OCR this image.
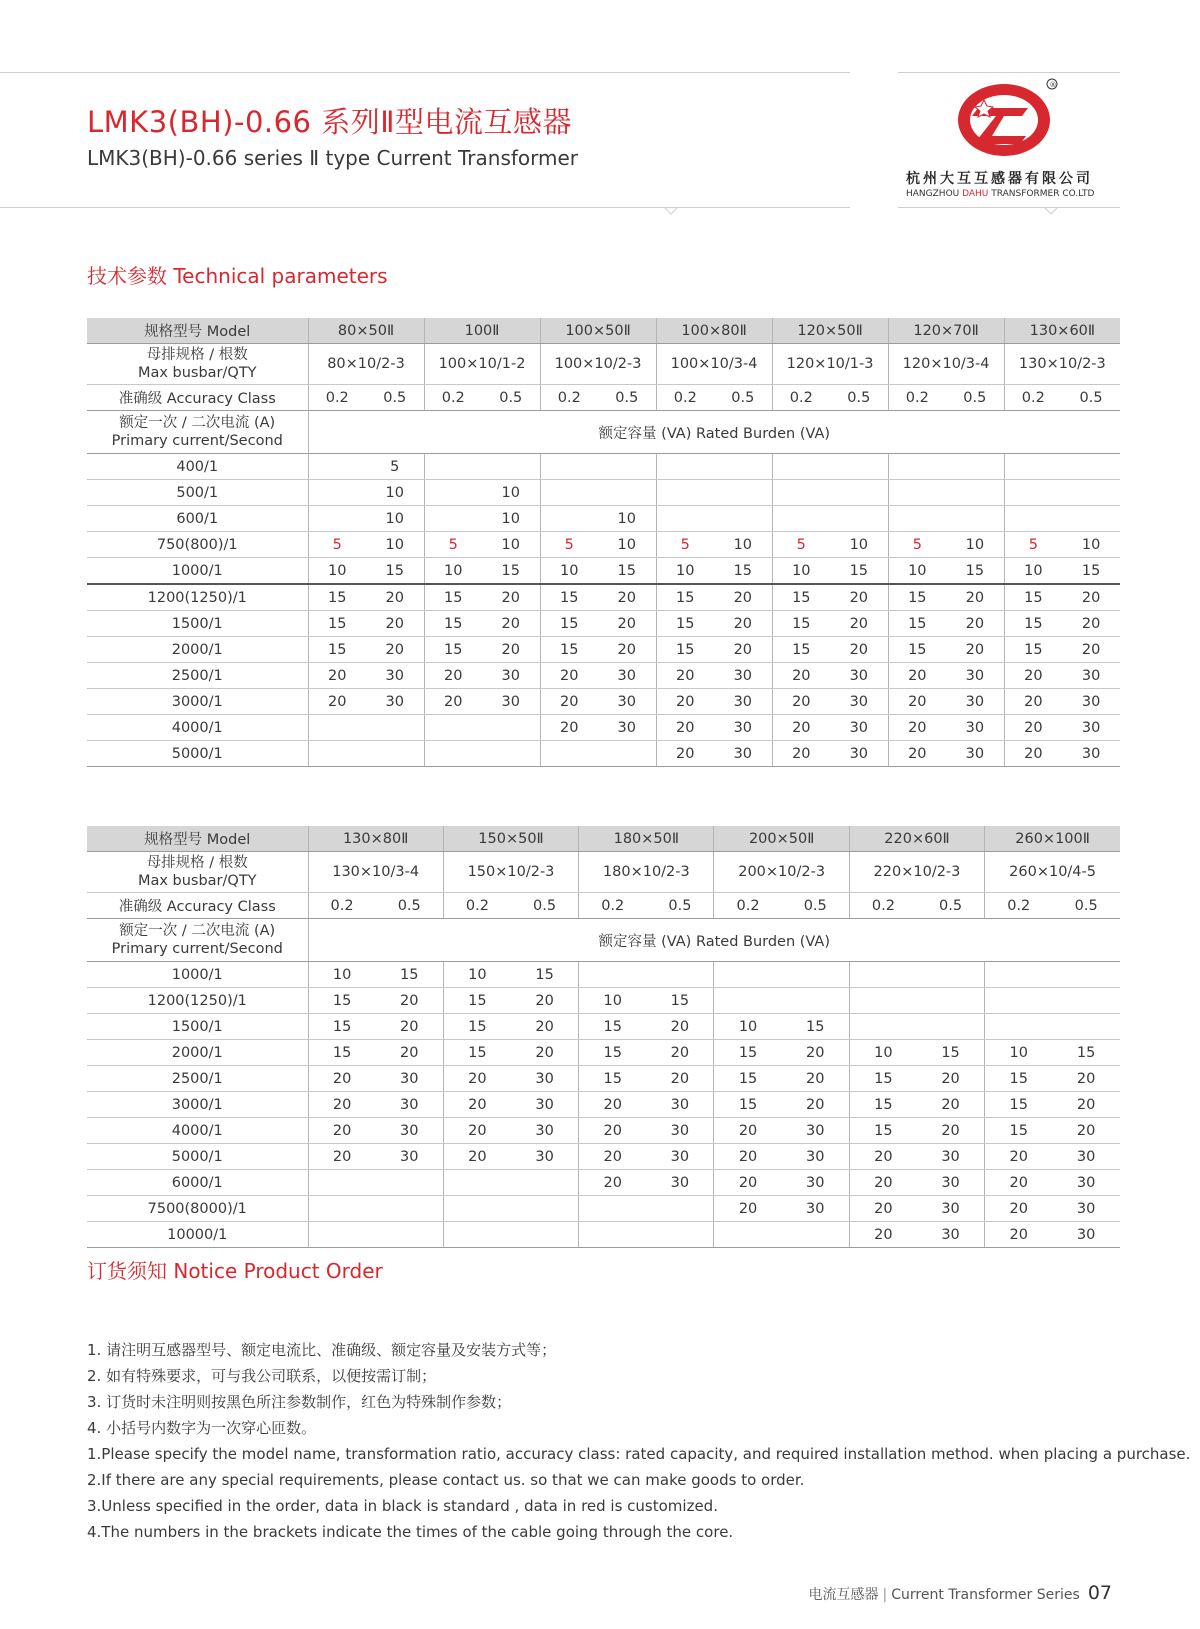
LMK3(BH)-0.66 系列Ⅱ型电流互感器
LMK3(BH)-0.66 series Ⅱ type Current Transformer
®
杭州大互互感器有限公司
HANGZHOU DAHU TRANSFORMER CO.LTD
技术参数 Technical parameters
规格型号 Model	80×50Ⅱ		100Ⅱ		100×50Ⅱ		100×80Ⅱ		120×50Ⅱ		120×70Ⅱ		130×60Ⅱ	

母排规格 / 根数
Max busbar/QTY	80×10/2-3		100×10/1-2		100×10/2-3		100×10/3-4		120×10/1-3		120×10/3-4		130×10/2-3	
准确级 Accuracy Class	0.2	0.5	0.2	0.5	0.2	0.5	0.2	0.5	0.2	0.5	0.2	0.5	0.2	0.5

额定一次 / 二次电流 (A)
Primary current/Second	额定容量 (VA) Rated Burden (VA)													
400/1		5												
500/1		10		10										
600/1		10		10		10								
750(800)/1	5	10	5	10	5	10	5	10	5	10	5	10	5	10
1000/1	10	15	10	15	10	15	10	15	10	15	10	15	10	15
1200(1250)/1	15	20	15	20	15	20	15	20	15	20	15	20	15	20
1500/1	15	20	15	20	15	20	15	20	15	20	15	20	15	20
2000/1	15	20	15	20	15	20	15	20	15	20	15	20	15	20
2500/1	20	30	20	30	20	30	20	30	20	30	20	30	20	30
3000/1	20	30	20	30	20	30	20	30	20	30	20	30	20	30
4000/1					20	30	20	30	20	30	20	30	20	30
5000/1							20	30	20	30	20	30	20	30
规格型号 Model	130×80Ⅱ		150×50Ⅱ		180×50Ⅱ		200×50Ⅱ		220×60Ⅱ		260×100Ⅱ	

母排规格 / 根数
Max busbar/QTY	130×10/3-4		150×10/2-3		180×10/2-3		200×10/2-3		220×10/2-3		260×10/4-5	
准确级 Accuracy Class	0.2	0.5	0.2	0.5	0.2	0.5	0.2	0.5	0.2	0.5	0.2	0.5

额定一次 / 二次电流 (A)
Primary current/Second	额定容量 (VA) Rated Burden (VA)											
1000/1	10	15	10	15								
1200(1250)/1	15	20	15	20	10	15						
1500/1	15	20	15	20	15	20	10	15				
2000/1	15	20	15	20	15	20	15	20	10	15	10	15
2500/1	20	30	20	30	15	20	15	20	15	20	15	20
3000/1	20	30	20	30	20	30	15	20	15	20	15	20
4000/1	20	30	20	30	20	30	20	30	15	20	15	20
5000/1	20	30	20	30	20	30	20	30	20	30	20	30
6000/1					20	30	20	30	20	30	20	30
7500(8000)/1							20	30	20	30	20	30
10000/1									20	30	20	30
订货须知 Notice Product Order
1. 请注明互感器型号、额定电流比、准确级、额定容量及安装方式等；
2. 如有特殊要求，可与我公司联系，以便按需订制；
3. 订货时未注明则按黑色所注参数制作，红色为特殊制作参数；
4. 小括号内数字为一次穿心匝数。
1.Please specify the model name, transformation ratio, accuracy class: rated capacity, and required installation method. when placing a purchase.
2.If there are any special requirements, please contact us. so that we can make goods to order.
3.Unless specified in the order, data in black is standard , data in red is customized.
4.The numbers in the brackets indicate the times of the cable going through the core.
电流互感器 | Current Transformer Series 07
